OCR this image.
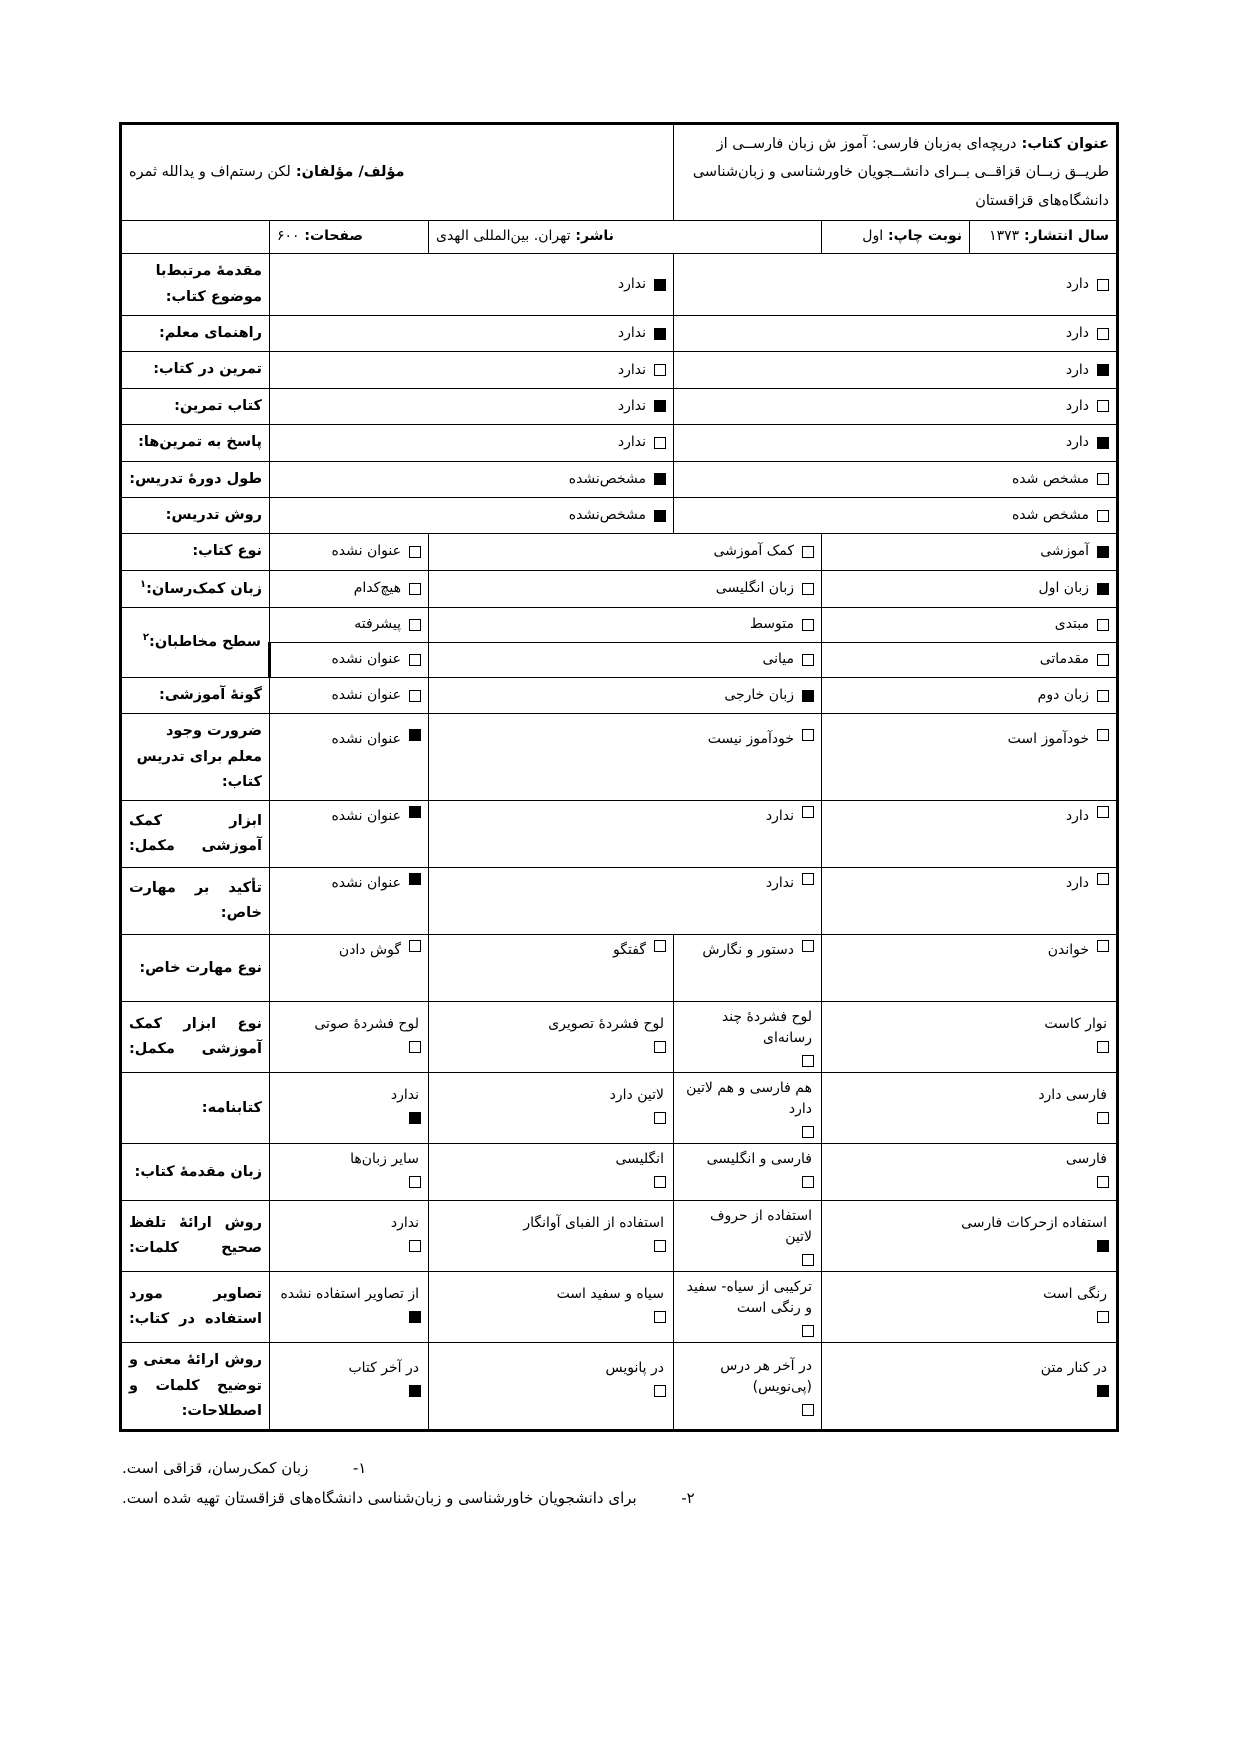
عنوان کتاب: دریچه‌ای به‌زبان فارسی: آموز ش زبان فارســی از طریــق زبــان قزاقــی بــرای دانشــجویان خاورشناسی و زبان‌شناسی دانشگاه‌های قزاقستان			مؤلف/ مؤلفان: لکن رستم‌اف و یدالله ثمره		

سال انتشار: ۱۳۷۳	نوبت چاپ: اول	ناشر: تهران. بین‌المللی الهدی		صفحات: ۶۰۰	

دارد			ندارد		مقدمهٔ مرتبط‌با موضوع کتاب:

دارد			ندارد		راهنمای معلم:

دارد			ندارد		تمرین در کتاب:

دارد			ندارد		کتاب تمرین:

دارد			ندارد		پاسخ به تمرین‌ها:

مشخص شده			مشخص‌نشده		طول دورهٔ تدریس:

مشخص شده			مشخص‌نشده		روش تدریس:

آموزشی		کمک آموزشی		عنوان نشده	نوع کتاب:

زبان اول		زبان انگلیسی		هیچ‌کدام	زبان کمک‌رسان:$^۱$

مبتدی		متوسط		پیشرفته	سطح مخاطبان:$^۲$

مقدماتی		میانی		عنوان نشده	

زبان دوم		زبان خارجی		عنوان نشده	گونهٔ آموزشی:

خودآموز است		خودآموز نیست		عنوان نشده	ضرورت وجود معلم برای تدریس کتاب:

دارد		ندارد		عنوان نشده	ابزار کمک آموزشی مکمل:

دارد		ندارد		عنوان نشده	تأکید بر مهارت خاص:

خواندن		دستور و نگارش	گفتگو	گوش دادن	نوع مهارت خاص:

نوار کاست		لوح فشردهٔ چند رسانه‌ای	لوح فشردهٔ تصویری	لوح فشردهٔ صوتی	نوع ابزار کمک آموزشی مکمل:

فارسی دارد		هم فارسی و هم لاتین دارد	لاتین دارد	ندارد	کتابنامه:

فارسی		فارسی و انگلیسی	انگلیسی	سایر زبان‌ها	زبان مقدمهٔ کتاب:

استفاده از‌حرکات فارسی		استفاده از حروف لاتین	استفاده از الفبای آوانگار	ندارد	روش ارائهٔ تلفظ صحیح کلمات:

رنگی است		ترکیبی از سیاه- سفید و رنگی است	سیاه و سفید است	از تصاویر استفاده نشده	تصاویر مورد استفاده در کتاب:

در کنار متن		در آخر هر درس (پی‌نویس)	در پانویس	در آخر کتاب	روش ارائهٔ معنی و توضیح کلمات و اصطلاحات:
۱-
زبان کمک‌رسان، قزاقی است.
۲-
برای دانشجویان خاورشناسی و زبان‌شناسی دانشگاه‌های قزاقستان تهیه شده است.
